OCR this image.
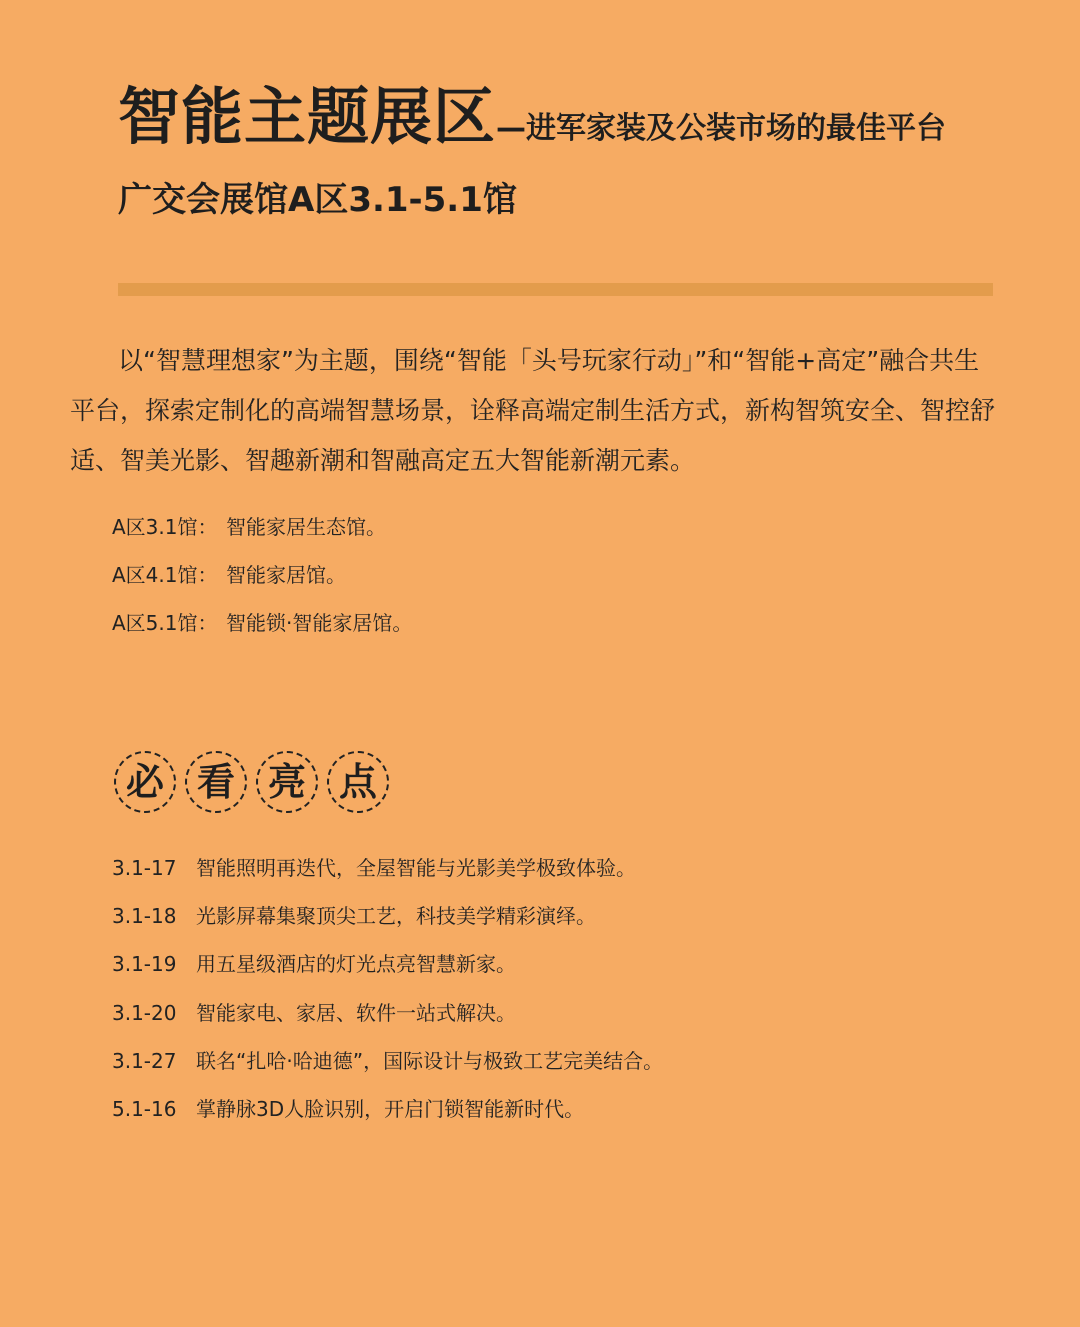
智能主题展区—进军家装及公装市场的最佳平台
广交会展馆A区3.1-5.1馆

以“智慧理想家”为主题，围绕“智能「头号玩家行动」”和“智能+高定”融合共生平台，探索定制化的高端智慧场景，诠释高端定制生活方式，新构智筑安全、智控舒适、智美光影、智趣新潮和智融高定五大智能新潮元素。

A区3.1馆： 智能家居生态馆。
A区4.1馆： 智能家居馆。
A区5.1馆： 智能锁·智能家居馆。
必 看 亮 点
3.1-17 智能照明再迭代，全屋智能与光影美学极致体验。
3.1-18 光影屏幕集聚顶尖工艺，科技美学精彩演绎。
3.1-19 用五星级酒店的灯光点亮智慧新家。
3.1-20 智能家电、家居、软件一站式解决。
3.1-27 联名“扎哈·哈迪德”，国际设计与极致工艺完美结合。
5.1-16 掌静脉3D人脸识别，开启门锁智能新时代。
